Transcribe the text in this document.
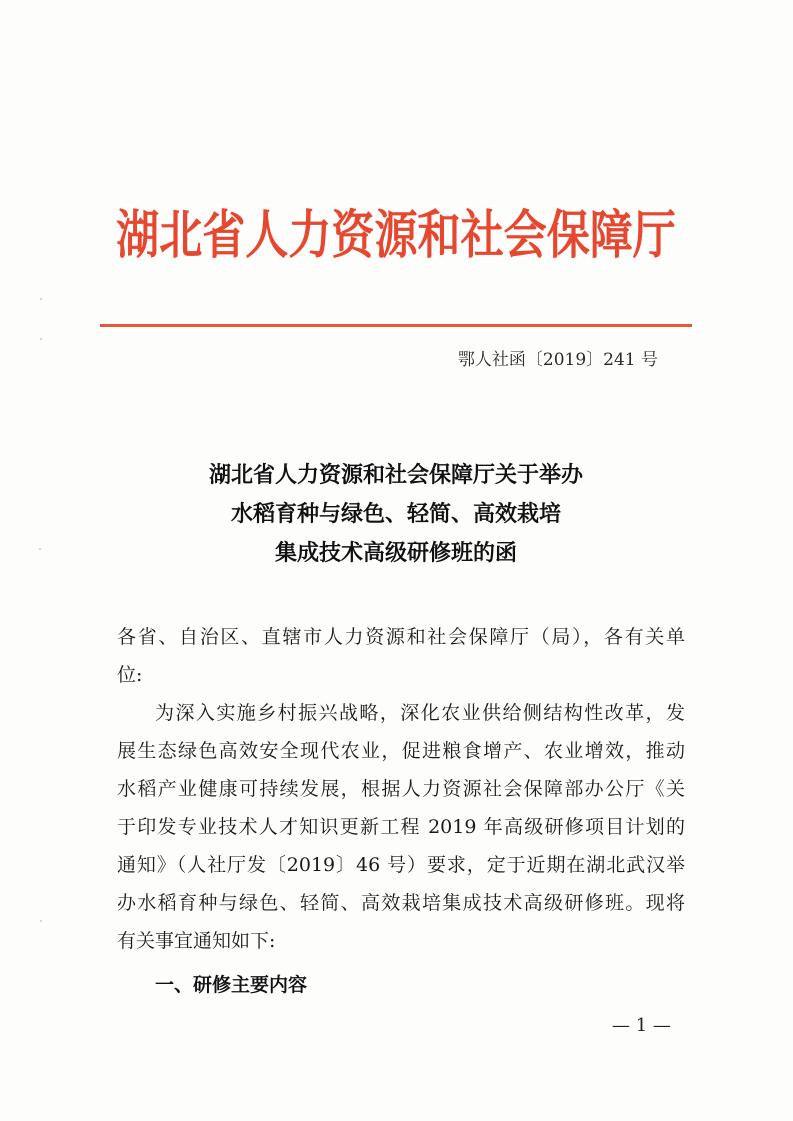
湖北省人力资源和社会保障厅
鄂人社函〔2019〕241 号
湖北省人力资源和社会保障厅关于举办
水稻育种与绿色、轻简、高效栽培
集成技术高级研修班的函
各省、自治区、直辖市人力资源和社会保障厅（局），各有关单
位:
为深入实施乡村振兴战略，深化农业供给侧结构性改革，发
展生态绿色高效安全现代农业，促进粮食增产、农业增效，推动
水稻产业健康可持续发展，根据人力资源社会保障部办公厅《关
于印发专业技术人才知识更新工程 2019 年高级研修项目计划的
通知》（人社厅发〔2019〕46 号）要求，定于近期在湖北武汉举
办水稻育种与绿色、轻简、高效栽培集成技术高级研修班。现将
有关事宜通知如下:
一、研修主要内容
— 1 —
